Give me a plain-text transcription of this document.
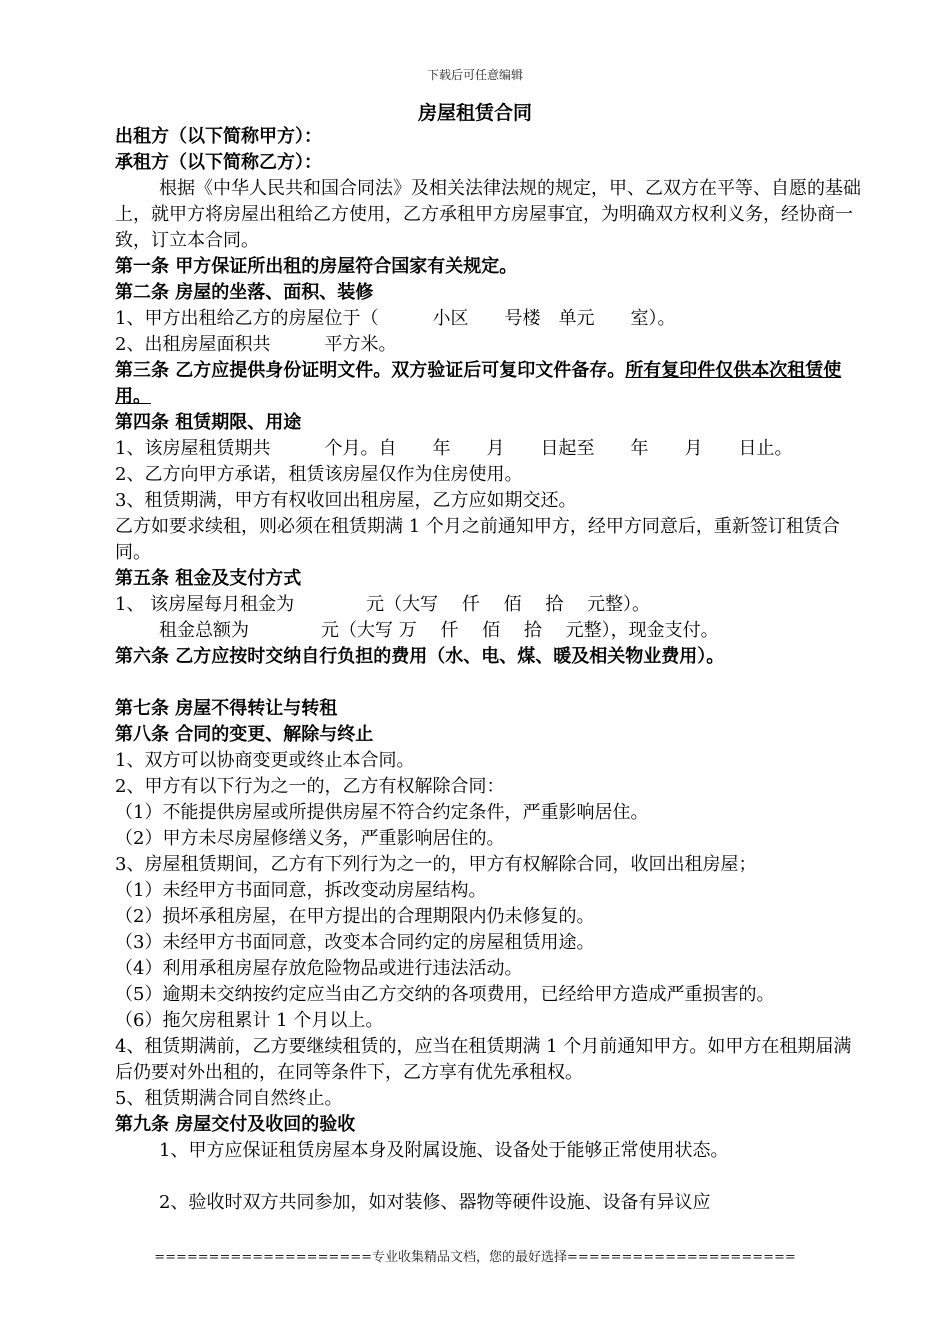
下载后可任意编辑
房屋租赁合同
出租方（以下简称甲方）：
承租方（以下简称乙方）：
根据《中华人民共和国合同法》及相关法律法规的规定，甲、乙双方在平等、自愿的基础上，就甲方将房屋出租给乙方使用，乙方承租甲方房屋事宜，为明确双方权利义务，经协商一致，订立本合同。
第一条 甲方保证所出租的房屋符合国家有关规定。
第二条 房屋的坐落、面积、装修
1、甲方出租给乙方的房屋位于（　　　小区　　号楼　单元　　室）。
2、出租房屋面积共　　　平方米。
第三条 乙方应提供身份证明文件。双方验证后可复印文件备存。所有复印件仅供本次租赁使用。
第四条 租赁期限、用途
1、该房屋租赁期共　　　个月。自　　年　　月　　日起至　　年　　月　　日止。
2、乙方向甲方承诺，租赁该房屋仅作为住房使用。
3、租赁期满，甲方有权收回出租房屋，乙方应如期交还。
乙方如要求续租，则必须在租赁期满 1 个月之前通知甲方，经甲方同意后，重新签订租赁合同。
第五条 租金及支付方式
1、 该房屋每月租金为　　　　元（大写　 仟　 佰　 拾　 元整）。
租金总额为　　　　元（大写 万　 仟　 佰　 拾　 元整），现金支付。
第六条 乙方应按时交纳自行负担的费用（水、电、煤、暖及相关物业费用）。
第七条 房屋不得转让与转租
第八条 合同的变更、解除与终止
1、双方可以协商变更或终止本合同。
2、甲方有以下行为之一的，乙方有权解除合同：
（1）不能提供房屋或所提供房屋不符合约定条件，严重影响居住。
（2）甲方未尽房屋修缮义务，严重影响居住的。
3、房屋租赁期间，乙方有下列行为之一的，甲方有权解除合同，收回出租房屋；
（1）未经甲方书面同意，拆改变动房屋结构。
（2）损坏承租房屋，在甲方提出的合理期限内仍未修复的。
（3）未经甲方书面同意，改变本合同约定的房屋租赁用途。
（4）利用承租房屋存放危险物品或进行违法活动。
（5）逾期未交纳按约定应当由乙方交纳的各项费用，已经给甲方造成严重损害的。
（6）拖欠房租累计 1 个月以上。
4、租赁期满前，乙方要继续租赁的，应当在租赁期满 1 个月前通知甲方。如甲方在租期届满后仍要对外出租的，在同等条件下，乙方享有优先承租权。
5、租赁期满合同自然终止。
第九条 房屋交付及收回的验收
1、甲方应保证租赁房屋本身及附属设施、设备处于能够正常使用状态。
2、验收时双方共同参加，如对装修、器物等硬件设施、设备有异议应
====================专业收集精品文档，您的最好选择=====================
